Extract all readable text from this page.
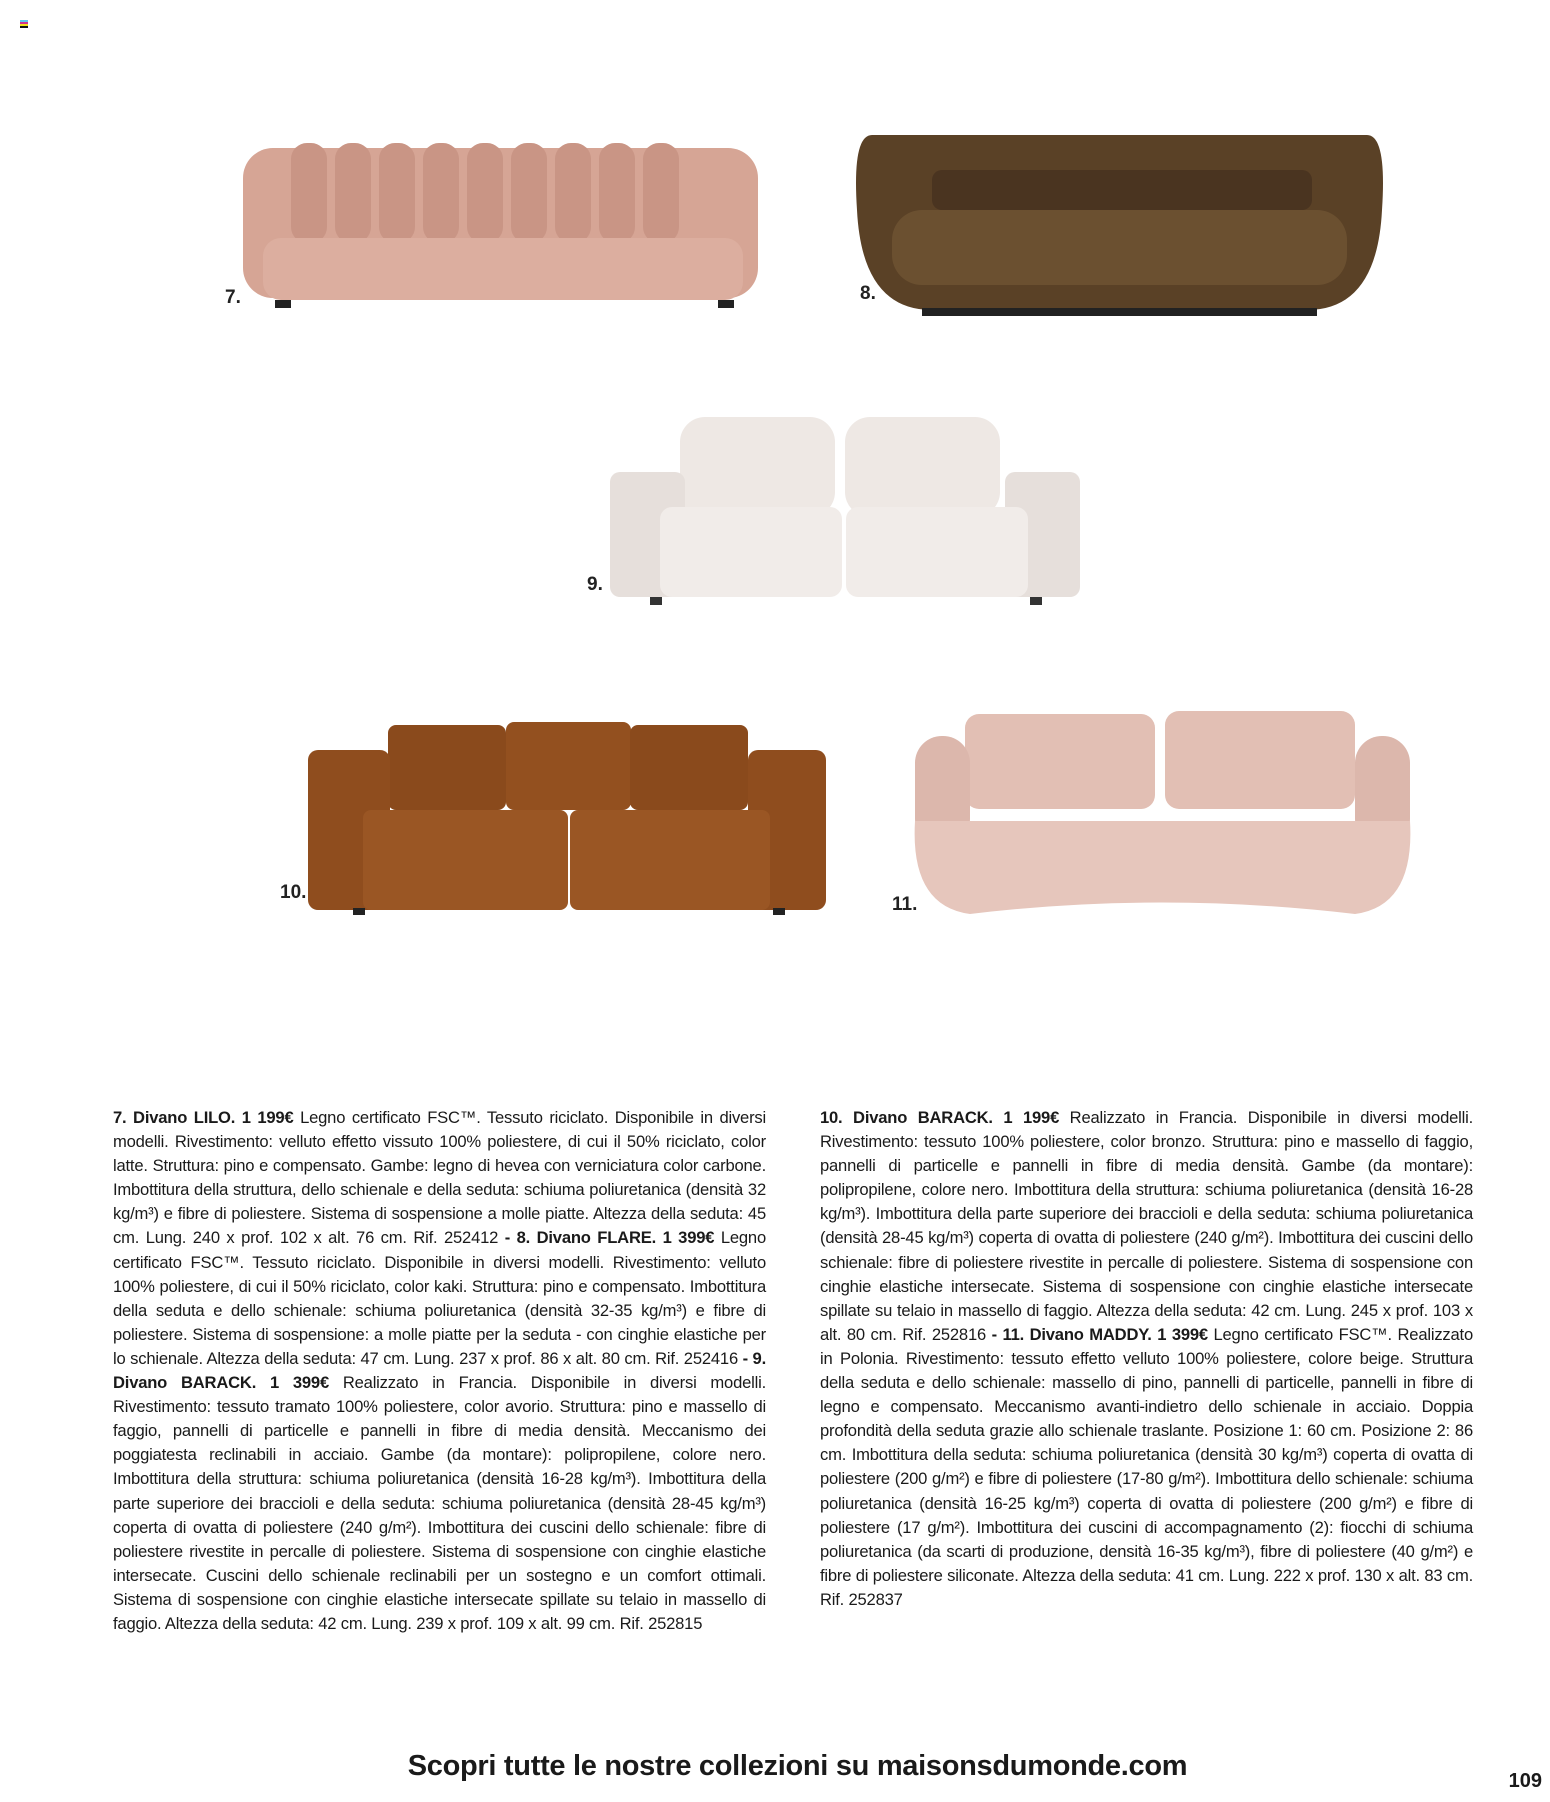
7.	8.
9.
10.
11.
7. Divano LILO. 1 199€ Legno certificato FSC™. Tessuto riciclato. Disponibile in diversi modelli. Rivestimento: velluto effetto vissuto 100% poliestere, di cui il 50% riciclato, color latte. Struttura: pino e compensato. Gambe: legno di hevea con verniciatura color carbone. Imbottitura della struttura, dello schienale e della seduta: schiuma poliuretanica (densità 32 kg/m³) e fibre di poliestere. Sistema di sospensione a molle piatte. Altezza della seduta: 45 cm. Lung. 240 x prof. 102 x alt. 76 cm. Rif. 252412 - 8. Divano FLARE. 1 399€ Legno certificato FSC™. Tessuto riciclato. Disponibile in diversi modelli. Rivestimento: velluto 100% poliestere, di cui il 50% riciclato, color kaki. Struttura: pino e compensato. Imbottitura della seduta e dello schienale: schiuma poliuretanica (densità 32-35 kg/m³) e fibre di poliestere. Sistema di sospensione: a molle piatte per la seduta - con cinghie elastiche per lo schienale. Altezza della seduta: 47 cm. Lung. 237 x prof. 86 x alt. 80 cm. Rif. 252416 - 9. Divano BARACK. 1 399€ Realizzato in Francia. Disponibile in diversi modelli. Rivestimento: tessuto tramato 100% poliestere, color avorio. Struttura: pino e massello di faggio, pannelli di particelle e pannelli in fibre di media densità. Meccanismo dei poggiatesta reclinabili in acciaio. Gambe (da montare): polipropilene, colore nero. Imbottitura della struttura: schiuma poliuretanica (densità 16-28 kg/m³). Imbottitura della parte superiore dei braccioli e della seduta: schiuma poliuretanica (densità 28-45 kg/m³) coperta di ovatta di poliestere (240 g/m²). Imbottitura dei cuscini dello schienale: fibre di poliestere rivestite in percalle di poliestere. Sistema di sospensione con cinghie elastiche intersecate. Cuscini dello schienale reclinabili per un sostegno e un comfort ottimali. Sistema di sospensione con cinghie elastiche intersecate spillate su telaio in massello di faggio. Altezza della seduta: 42 cm. Lung. 239 x prof. 109 x alt. 99 cm. Rif. 252815
10. Divano BARACK. 1 199€ Realizzato in Francia. Disponibile in diversi modelli. Rivestimento: tessuto 100% poliestere, color bronzo. Struttura: pino e massello di faggio, pannelli di particelle e pannelli in fibre di media densità. Gambe (da montare): polipropilene, colore nero. Imbottitura della struttura: schiuma poliuretanica (densità 16-28 kg/m³). Imbottitura della parte superiore dei braccioli e della seduta: schiuma poliuretanica (densità 28-45 kg/m³) coperta di ovatta di poliestere (240 g/m²). Imbottitura dei cuscini dello schienale: fibre di poliestere rivestite in percalle di poliestere. Sistema di sospensione con cinghie elastiche intersecate. Sistema di sospensione con cinghie elastiche intersecate spillate su telaio in massello di faggio. Altezza della seduta: 42 cm. Lung. 245 x prof. 103 x alt. 80 cm. Rif. 252816 - 11. Divano MADDY. 1 399€ Legno certificato FSC™. Realizzato in Polonia. Rivestimento: tessuto effetto velluto 100% poliestere, colore beige. Struttura della seduta e dello schienale: massello di pino, pannelli di particelle, pannelli in fibre di legno e compensato. Meccanismo avanti-indietro dello schienale in acciaio. Doppia profondità della seduta grazie allo schienale traslante. Posizione 1: 60 cm. Posizione 2: 86 cm. Imbottitura della seduta: schiuma poliuretanica (densità 30 kg/m³) coperta di ovatta di poliestere (200 g/m²) e fibre di poliestere (17-80 g/m²). Imbottitura dello schienale: schiuma poliuretanica (densità 16-25 kg/m³) coperta di ovatta di poliestere (200 g/m²) e fibre di poliestere (17 g/m²). Imbottitura dei cuscini di accompagnamento (2): fiocchi di schiuma poliuretanica (da scarti di produzione, densità 16-35 kg/m³), fibre di poliestere (40 g/m²) e fibre di poliestere siliconate. Altezza della seduta: 41 cm. Lung. 222 x prof. 130 x alt. 83 cm. Rif. 252837
Scopri tutte le nostre collezioni su maisonsdumonde.com	109
